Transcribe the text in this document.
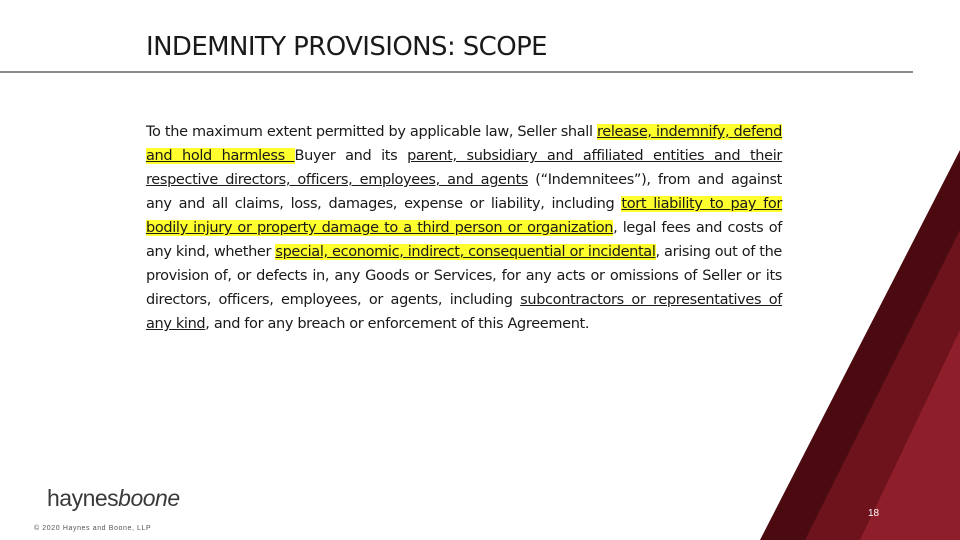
INDEMNITY PROVISIONS: SCOPE

To the maximum extent permitted by applicable law, Seller shall release, indemnify, defend and hold harmless Buyer and its parent, subsidiary and affiliated entities and their respective directors, officers, employees, and agents (“Indemnitees”), from and against any and all claims, loss, damages, expense or liability, including tort liability to pay for bodily injury or property damage to a third person or organization, legal fees and costs of any kind, whether special, economic, indirect, consequential or incidental, arising out of the provision of, or defects in, any Goods or Services, for any acts or omissions of Seller or its directors, officers, employees, or agents, including subcontractors or representatives of any kind, and for any breach or enforcement of this Agreement.

haynesboone
© 2020 Haynes and Boone, LLP
18
